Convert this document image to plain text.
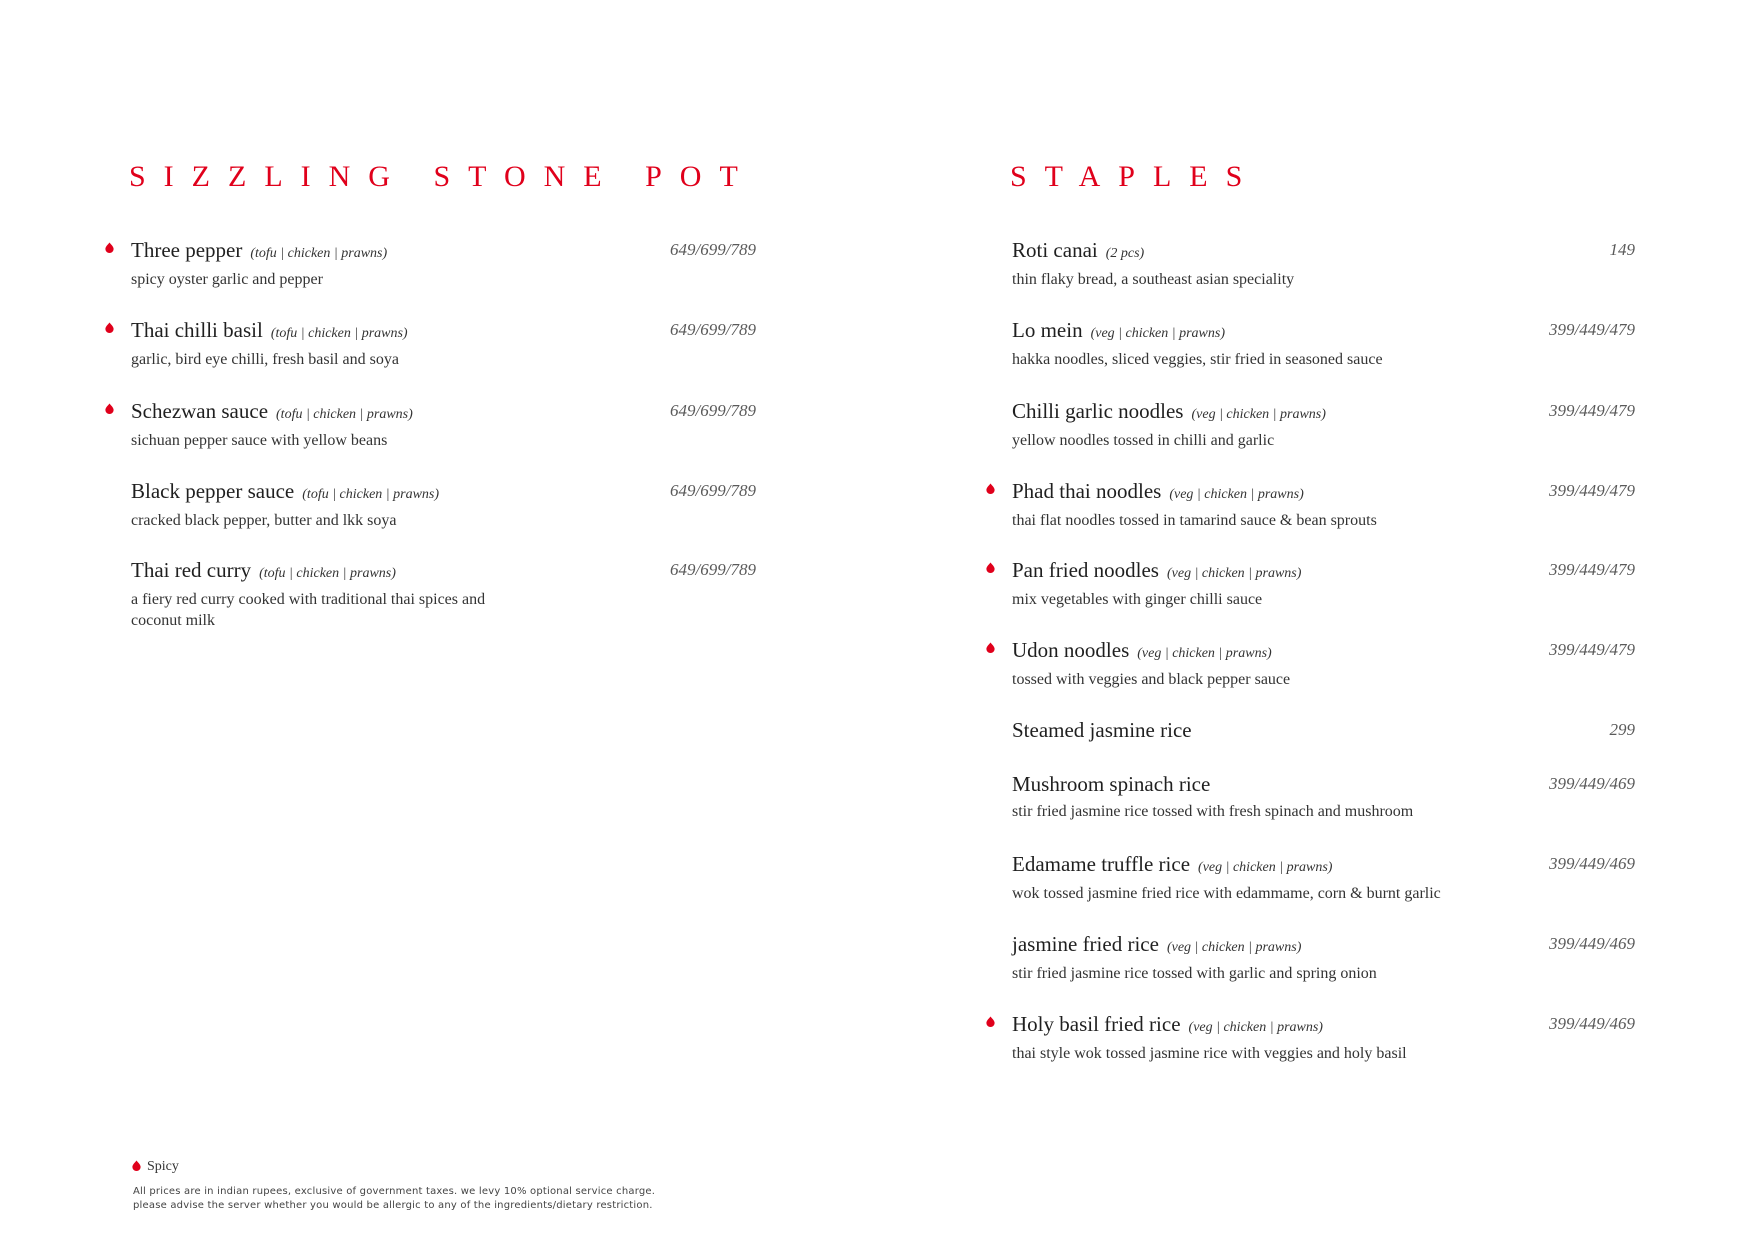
SIZZLING STONE POT	STAPLES
Three pepper (tofu | chicken | prawns)	649/699/789
spicy oyster garlic and pepper
Thai chilli basil (tofu | chicken | prawns)	649/699/789
garlic, bird eye chilli, fresh basil and soya
Schezwan sauce (tofu | chicken | prawns)	649/699/789
sichuan pepper sauce with yellow beans
Black pepper sauce (tofu | chicken | prawns)	649/699/789
cracked black pepper, butter and lkk soya
Thai red curry (tofu | chicken | prawns)	649/699/789
a fiery red curry cooked with traditional thai spices and coconut milk
Roti canai (2 pcs)	149
thin flaky bread, a southeast asian speciality
Lo mein (veg | chicken | prawns)	399/449/479
hakka noodles, sliced veggies, stir fried in seasoned sauce
Chilli garlic noodles (veg | chicken | prawns)	399/449/479
yellow noodles tossed in chilli and garlic
Phad thai noodles (veg | chicken | prawns)	399/449/479
thai flat noodles tossed in tamarind sauce & bean sprouts
Pan fried noodles (veg | chicken | prawns)	399/449/479
mix vegetables with ginger chilli sauce
Udon noodles (veg | chicken | prawns)	399/449/479
tossed with veggies and black pepper sauce
Steamed jasmine rice	299
Mushroom spinach rice	399/449/469
stir fried jasmine rice tossed with fresh spinach and mushroom
Edamame truffle rice (veg | chicken | prawns)	399/449/469
wok tossed jasmine fried rice with edammame, corn & burnt garlic
jasmine fried rice (veg | chicken | prawns)	399/449/469
stir fried jasmine rice tossed with garlic and spring onion
Holy basil fried rice (veg | chicken | prawns)	399/449/469
thai style wok tossed jasmine rice with veggies and holy basil
Spicy

All prices are in indian rupees, exclusive of government taxes. we levy 10% optional service charge.
please advise the server whether you would be allergic to any of the ingredients/dietary restriction.
